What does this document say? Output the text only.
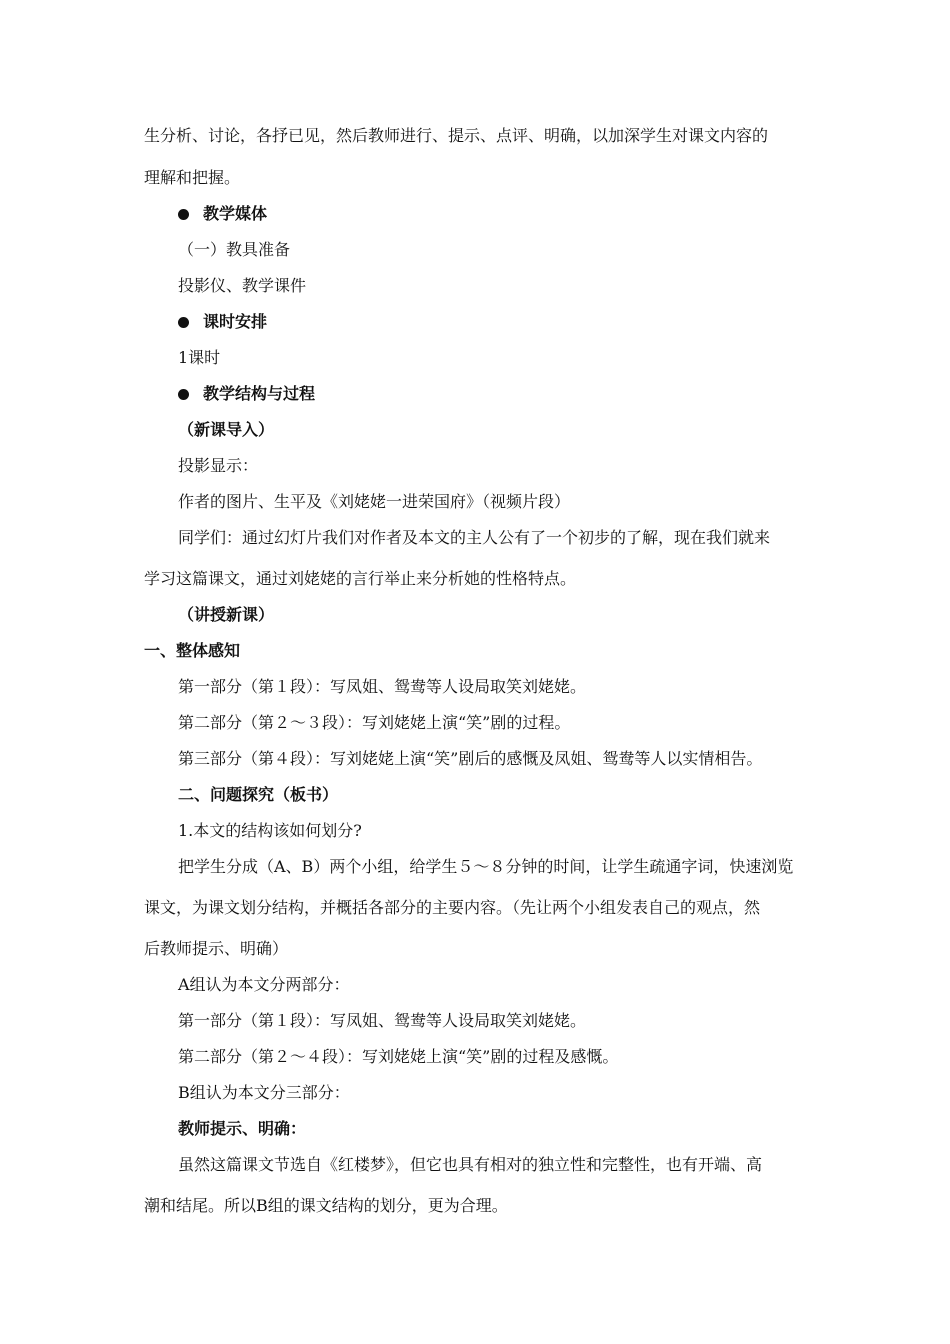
生分析、讨论，各抒已见，然后教师进行、提示、点评、明确，以加深学生对课文内容的
理解和把握。
教学媒体
（一）教具准备
投影仪、教学课件
课时安排
1课时
教学结构与过程
（新课导入）
投影显示：
作者的图片、生平及《刘姥姥一进荣国府》（视频片段）
同学们：通过幻灯片我们对作者及本文的主人公有了一个初步的了解，现在我们就来
学习这篇课文，通过刘姥姥的言行举止来分析她的性格特点。
（讲授新课）
一、整体感知
第一部分（第１段）：写凤姐、鸳鸯等人设局取笑刘姥姥。
第二部分（第２～３段）：写刘姥姥上演“笑”剧的过程。
第三部分（第４段）：写刘姥姥上演“笑”剧后的感慨及凤姐、鸳鸯等人以实情相告。
二、问题探究（板书）
1.本文的结构该如何划分?
把学生分成（A、B）两个小组，给学生５～８分钟的时间，让学生疏通字词，快速浏览
课文，为课文划分结构，并概括各部分的主要内容。（先让两个小组发表自己的观点，然
后教师提示、明确）
A组认为本文分两部分：
第一部分（第１段）：写凤姐、鸳鸯等人设局取笑刘姥姥。
第二部分（第２～４段）：写刘姥姥上演“笑”剧的过程及感慨。
B组认为本文分三部分：
教师提示、明确：
虽然这篇课文节选自《红楼梦》，但它也具有相对的独立性和完整性，也有开端、高
潮和结尾。所以B组的课文结构的划分，更为合理。
